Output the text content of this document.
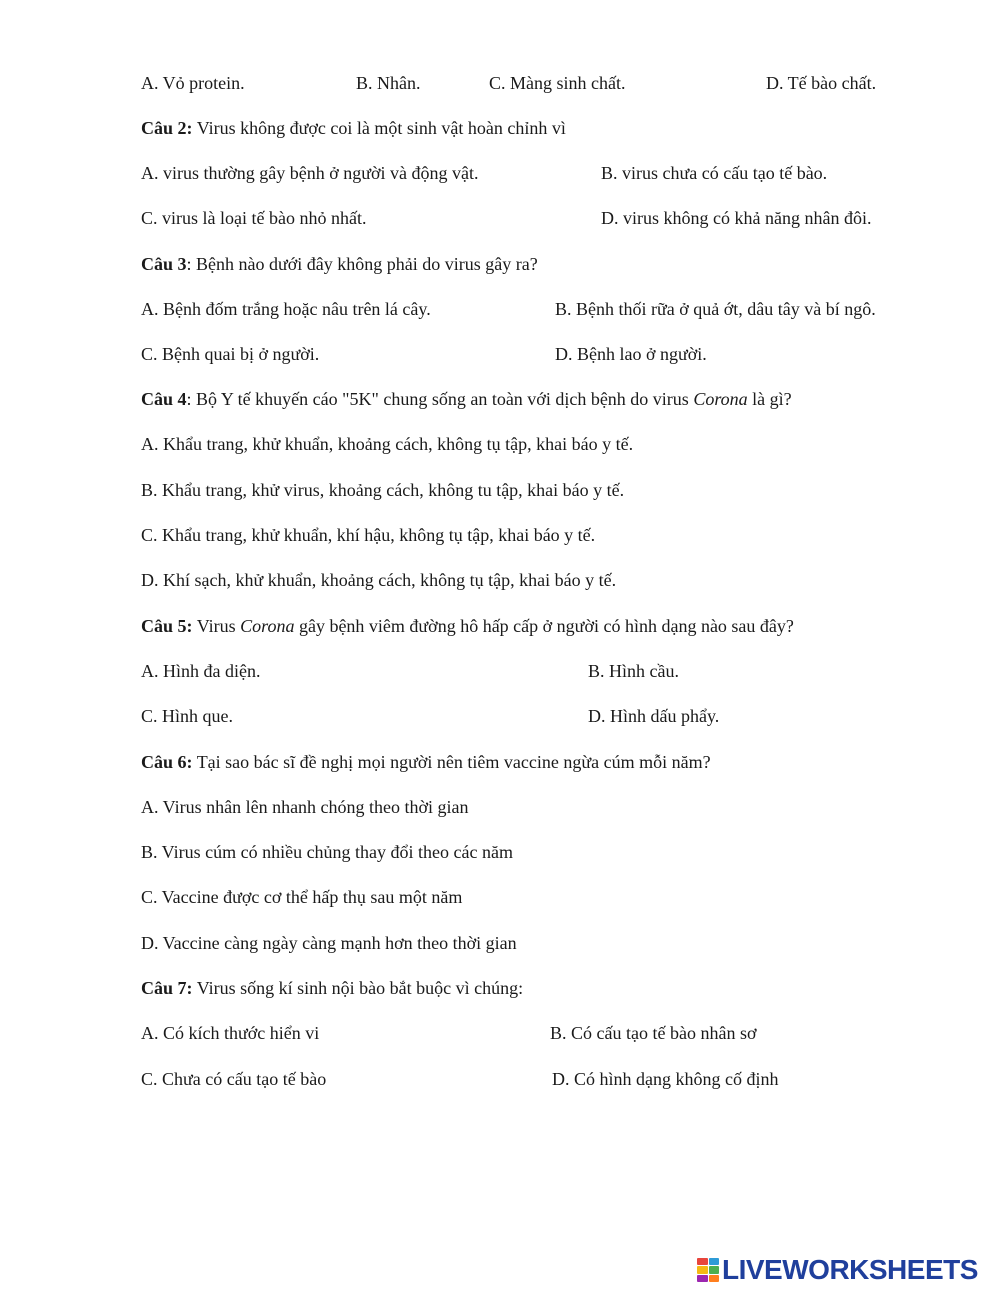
A. Vỏ protein.	B. Nhân.	C. Màng sinh chất.	D. Tế bào chất.
Câu 2: Virus không được coi là một sinh vật hoàn chỉnh vì
A. virus thường gây bệnh ở người và động vật.	B. virus chưa có cấu tạo tế bào.
C. virus là loại tế bào nhỏ nhất.	D. virus không có khả năng nhân đôi.
Câu 3: Bệnh nào dưới đây không phải do virus gây ra?
A. Bệnh đốm trắng hoặc nâu trên lá cây.	B. Bệnh thối rữa ở quả ớt, dâu tây và bí ngô.
C. Bệnh quai bị ở người.	D. Bệnh lao ở người.
Câu 4: Bộ Y tế khuyến cáo "5K" chung sống an toàn với dịch bệnh do virus Corona là gì?
A. Khẩu trang, khử khuẩn, khoảng cách, không tụ tập, khai báo y tế.
B. Khẩu trang, khử virus, khoảng cách, không tu tập, khai báo y tế.
C. Khẩu trang, khử khuẩn, khí hậu, không tụ tập, khai báo y tế.
D. Khí sạch, khử khuẩn, khoảng cách, không tụ tập, khai báo y tế.
Câu 5: Virus Corona gây bệnh viêm đường hô hấp cấp ở người có hình dạng nào sau đây?
A. Hình đa diện.	B. Hình cầu.
C. Hình que.	D. Hình dấu phẩy.
Câu 6: Tại sao bác sĩ đề nghị mọi người nên tiêm vaccine ngừa cúm mỗi năm?
A. Virus nhân lên nhanh chóng theo thời gian
B. Virus cúm có nhiều chủng thay đổi theo các năm
C. Vaccine được cơ thể hấp thụ sau một năm
D. Vaccine càng ngày càng mạnh hơn theo thời gian
Câu 7: Virus sống kí sinh nội bào bắt buộc vì chúng:
A. Có kích thước hiển vi	B. Có cấu tạo tế bào nhân sơ
C. Chưa có cấu tạo tế bào	D. Có hình dạng không cố định
LIVEWORKSHEETS
